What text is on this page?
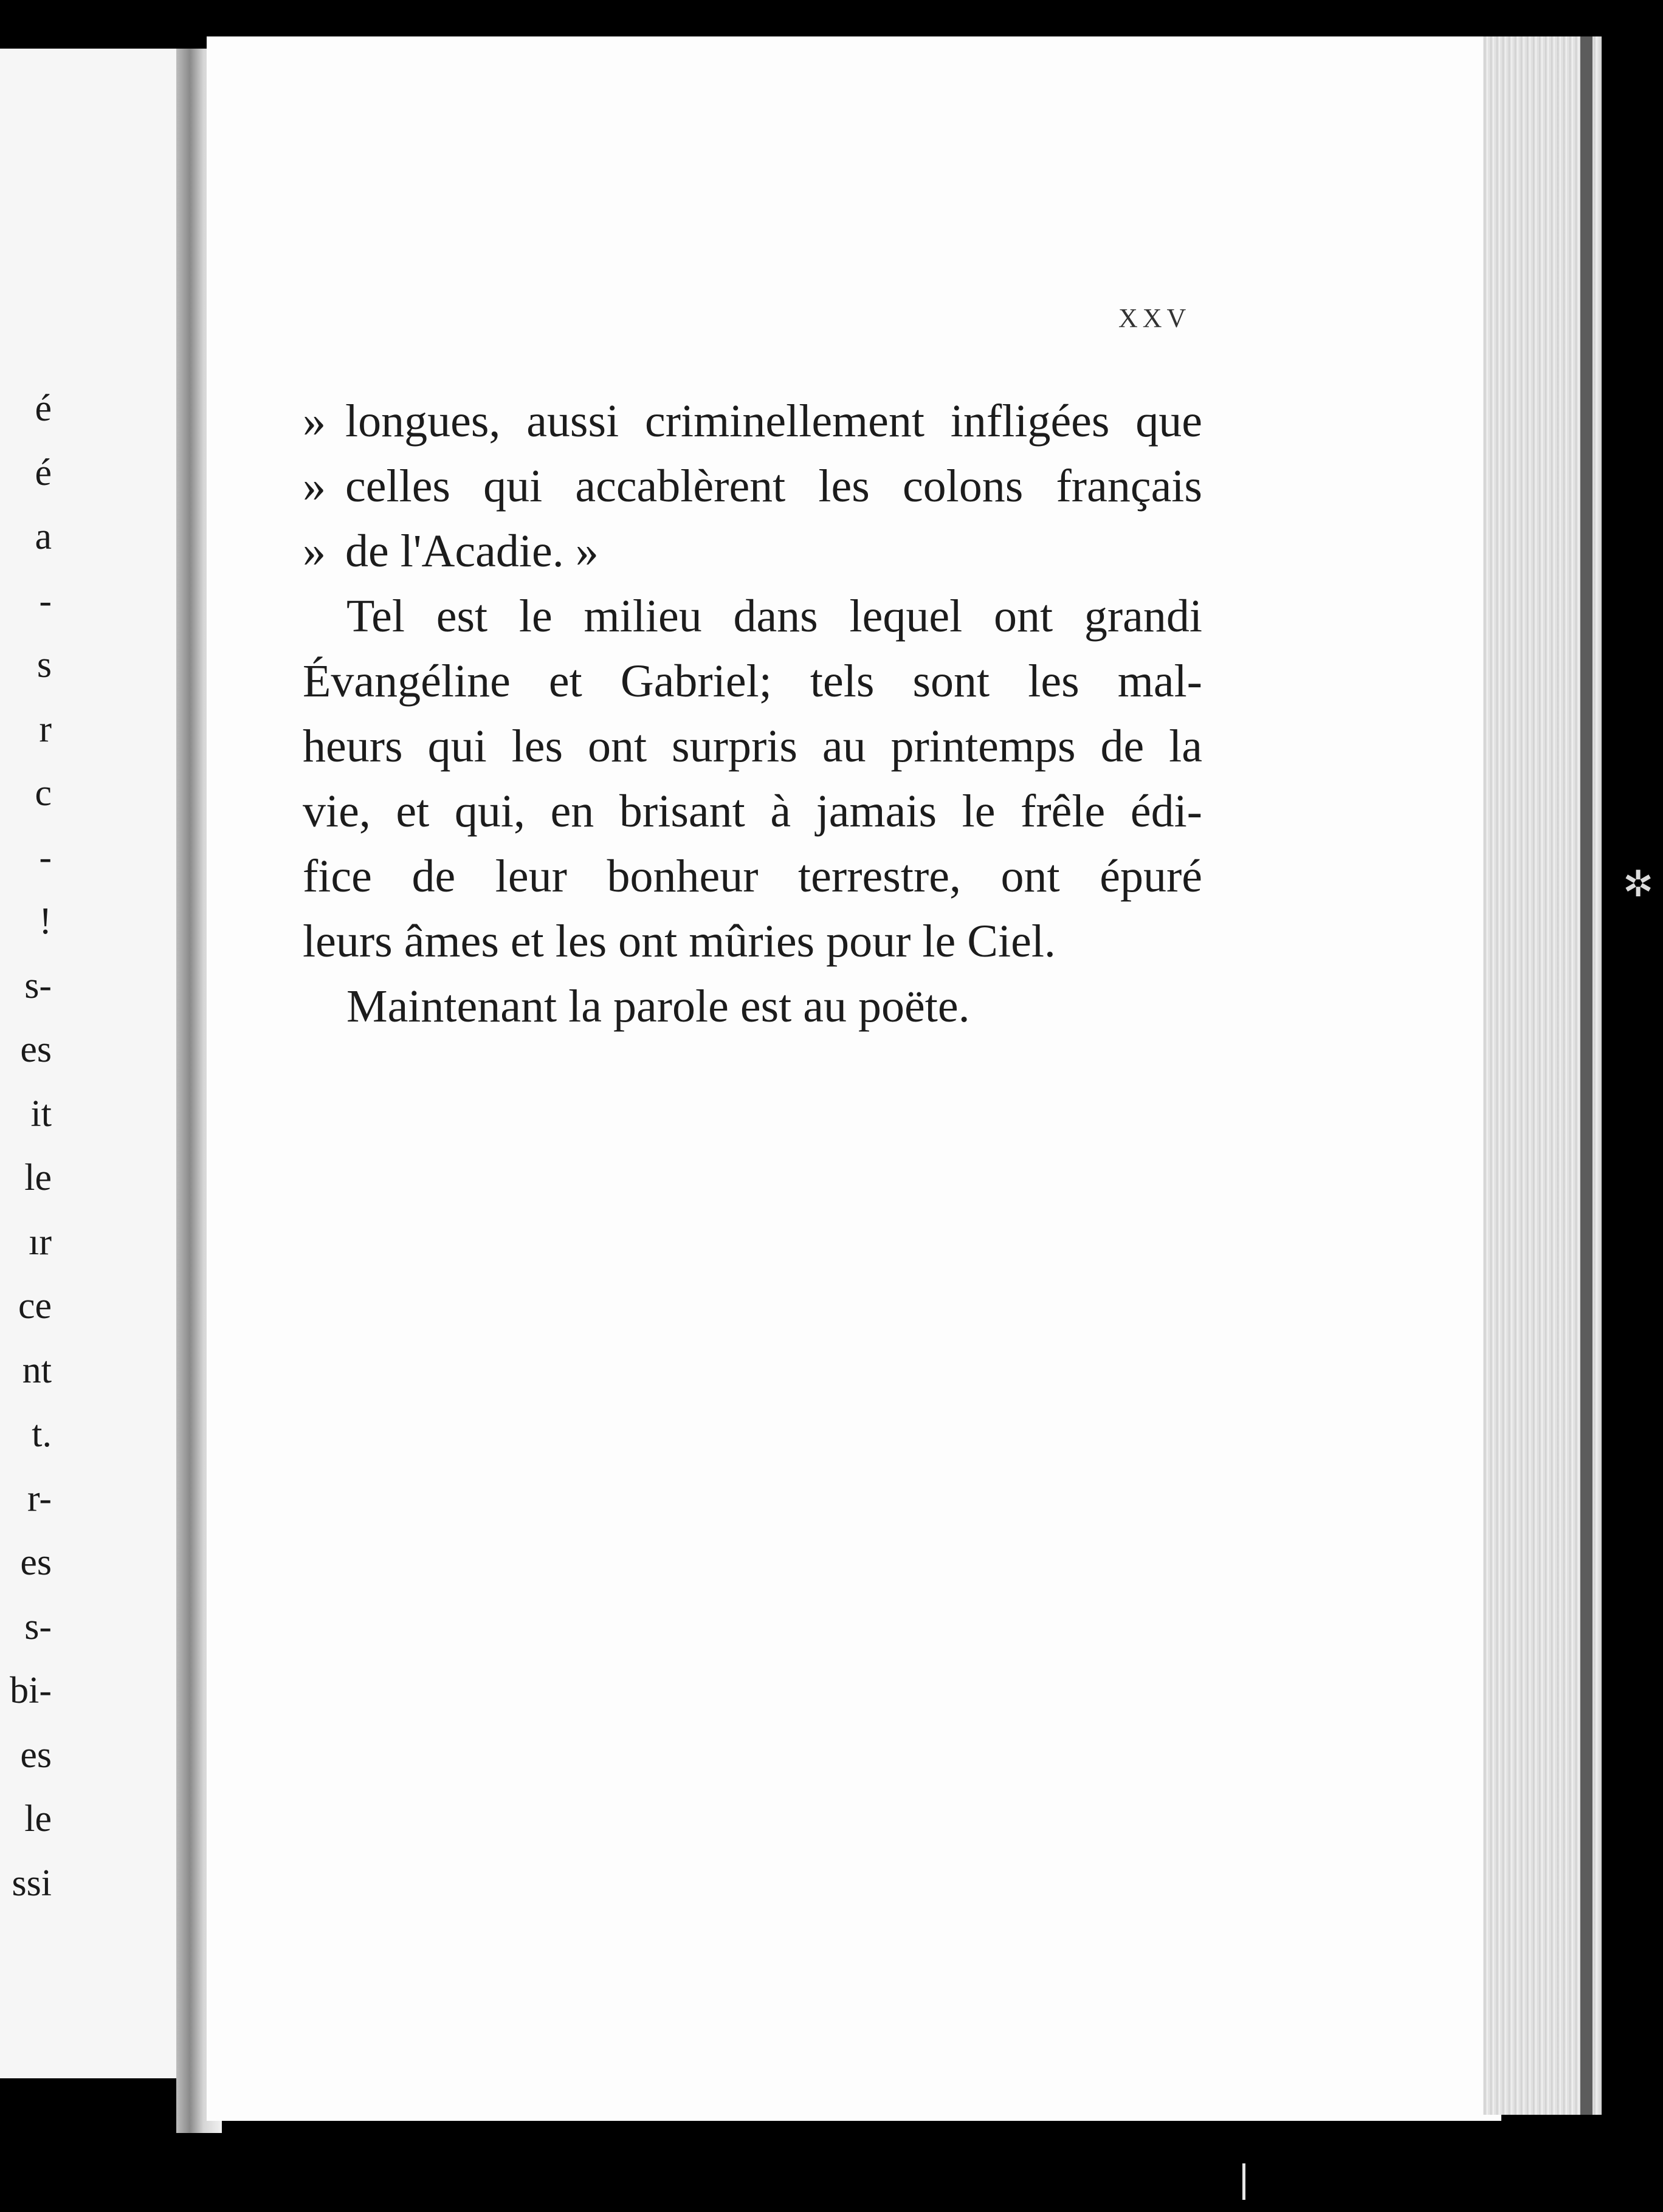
é
é
a
-
s
r
c
-
!
s-
es
it
le
ır
ce
nt
t.
r-
es
s-
bi-
es
le
ssi
✲
XXV
» longues, aussi criminellement infligées que
» celles qui accablèrent les colons français
» de l'Acadie. »
Tel est le milieu dans lequel ont grandi
Évangéline et Gabriel; tels sont les mal-
heurs qui les ont surpris au printemps de la
vie, et qui, en brisant à jamais le frêle édi-
fice de leur bonheur terrestre, ont épuré
leurs âmes et les ont mûries pour le Ciel.
Maintenant la parole est au poëte.
